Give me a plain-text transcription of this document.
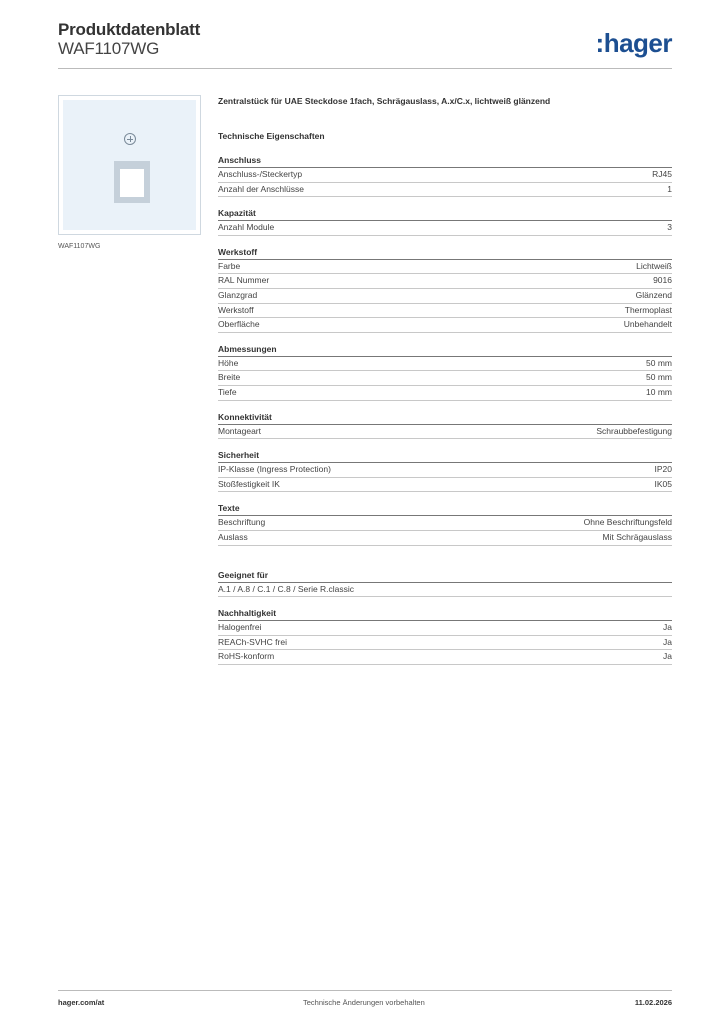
Produktdatenblatt
WAF1107WG	:hager
WAF1107WG
Zentralstück für UAE Steckdose 1fach, Schrägauslass, A.x/C.x, lichtweiß glänzend
Technische Eigenschaften
Anschluss
Anschluss-/Steckertyp	RJ45
Anzahl der Anschlüsse	1
Kapazität
Anzahl Module	3
Werkstoff
Farbe	Lichtweiß
RAL Nummer	9016
Glanzgrad	Glänzend
Werkstoff	Thermoplast
Oberfläche	Unbehandelt
Abmessungen
Höhe	50 mm
Breite	50 mm
Tiefe	10 mm
Konnektivität
Montageart	Schraubbefestigung
Sicherheit
IP-Klasse (Ingress Protection)	IP20
Stoßfestigkeit IK	IK05
Texte
Beschriftung	Ohne Beschriftungsfeld
Auslass	Mit Schrägauslass
Geeignet für
A.1 / A.8 / C.1 / C.8 / Serie R.classic
Nachhaltigkeit
Halogenfrei	Ja
REACh-SVHC frei	Ja
RoHS-konform	Ja
hager.com/at	Technische Änderungen vorbehalten	11.02.2026
